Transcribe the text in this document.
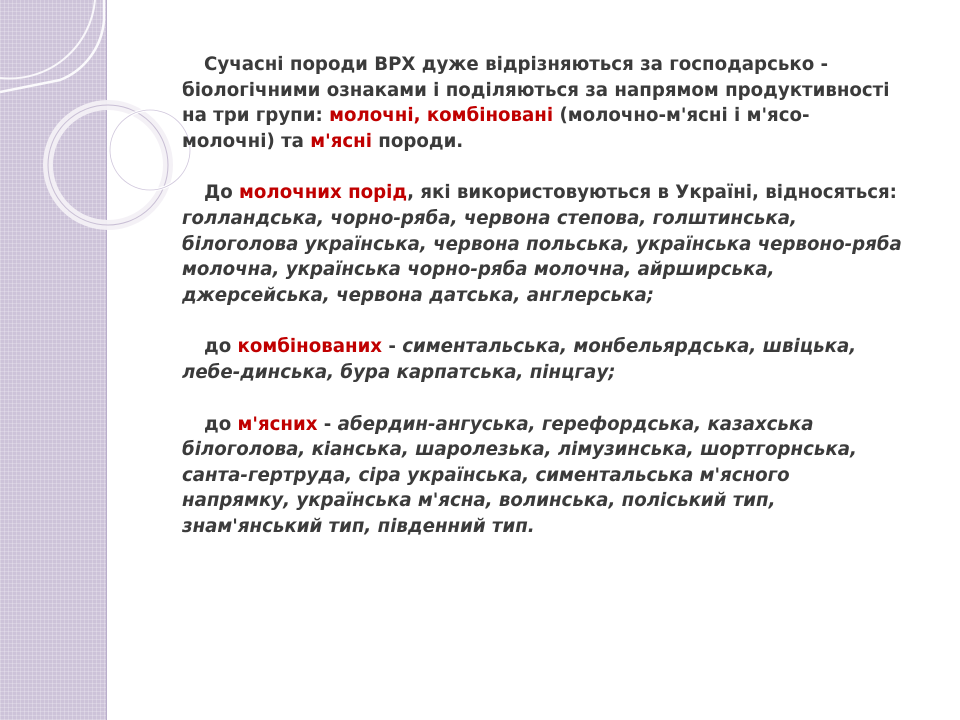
Сучасні породи ВРХ дуже відрізняються за господарсько - біологічними ознаками і поділяються за напрямом продуктивності на три групи: молочні, комбіновані (молочно-м'ясні і м'ясо-молочні) та м'ясні породи.

До молочних порід, які використовуються в Україні, відносяться: голландська, чорно-ряба, червона степова, голштинська, білоголова українська, червона польська, українська червоно-ряба молочна, українська чорно-ряба молочна, айрширська, джерсейська, червона датська, англерська;

до комбінованих - симентальська, монбельярдська, швіцька, лебе-динська, бура карпатська, пінцгау;

до м'ясних - абердин-ангуська, герефордська, казахська білоголова, кіанська, шаролезька, лімузинська, шортгорнська, санта-гертруда, сіра українська, симентальська м'ясного напрямку, українська м'ясна, волинська, поліський тип, знам'янський тип, південний тип.
